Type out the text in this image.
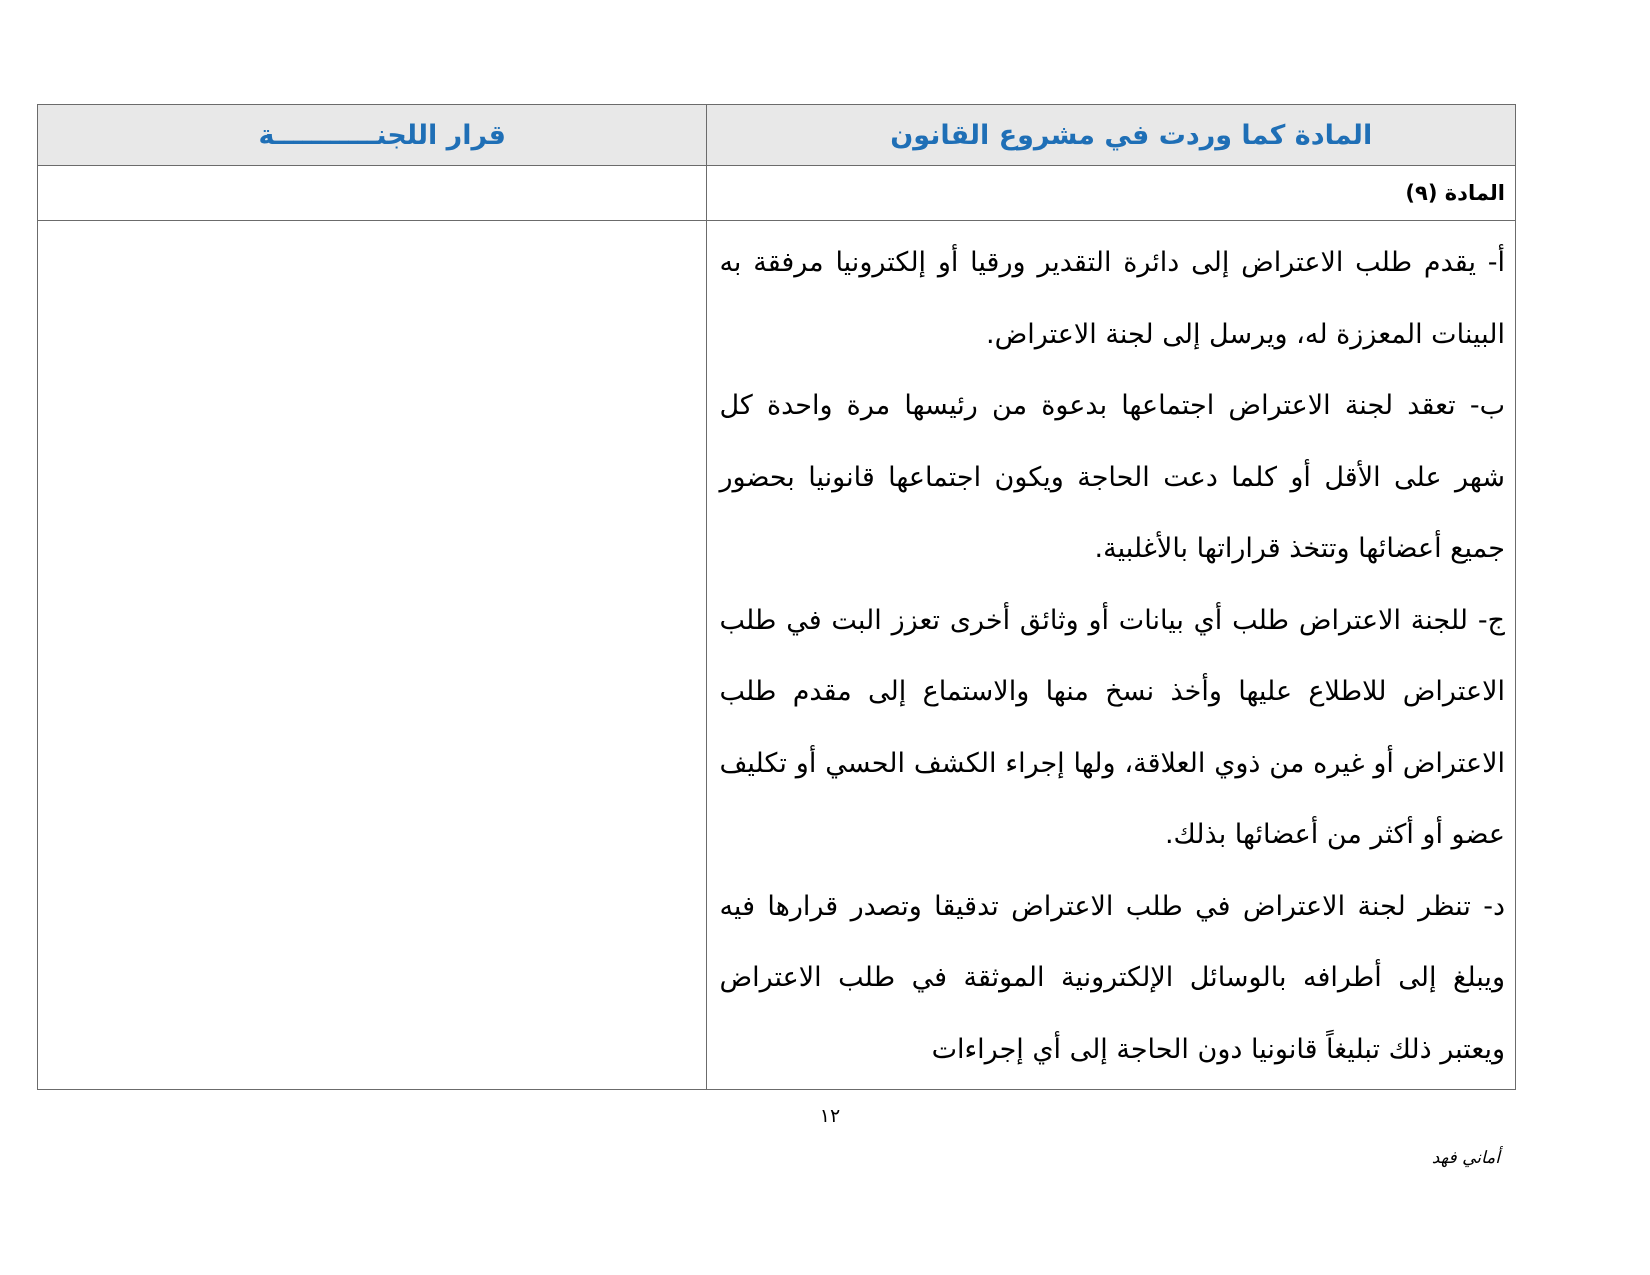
المادة كما وردت في مشروع القانون	قرار اللجنـــــــــــة
المادة (٩)	

أ- يقدم طلب الاعتراض إلى دائرة التقدير ورقيا أو إلكترونيا مرفقة به البينات المعززة له، ويرسل إلى لجنة الاعتراض.

ب- تعقد لجنة الاعتراض اجتماعها بدعوة من رئيسها مرة واحدة كل شهر على الأقل أو كلما دعت الحاجة ويكون اجتماعها قانونيا بحضور جميع أعضائها وتتخذ قراراتها بالأغلبية.

ج- للجنة الاعتراض طلب أي بيانات أو وثائق أخرى تعزز البت في طلب الاعتراض للاطلاع عليها وأخذ نسخ منها والاستماع إلى مقدم طلب الاعتراض أو غيره من ذوي العلاقة، ولها إجراء الكشف الحسي أو تكليف عضو أو أكثر من أعضائها بذلك.

د- تنظر لجنة الاعتراض في طلب الاعتراض تدقيقا وتصدر قرارها فيه ويبلغ إلى أطرافه بالوسائل الإلكترونية الموثقة في طلب الاعتراض ويعتبر ذلك تبليغاً قانونيا دون الحاجة إلى أي إجراءات	

١٢
أماني فهد
